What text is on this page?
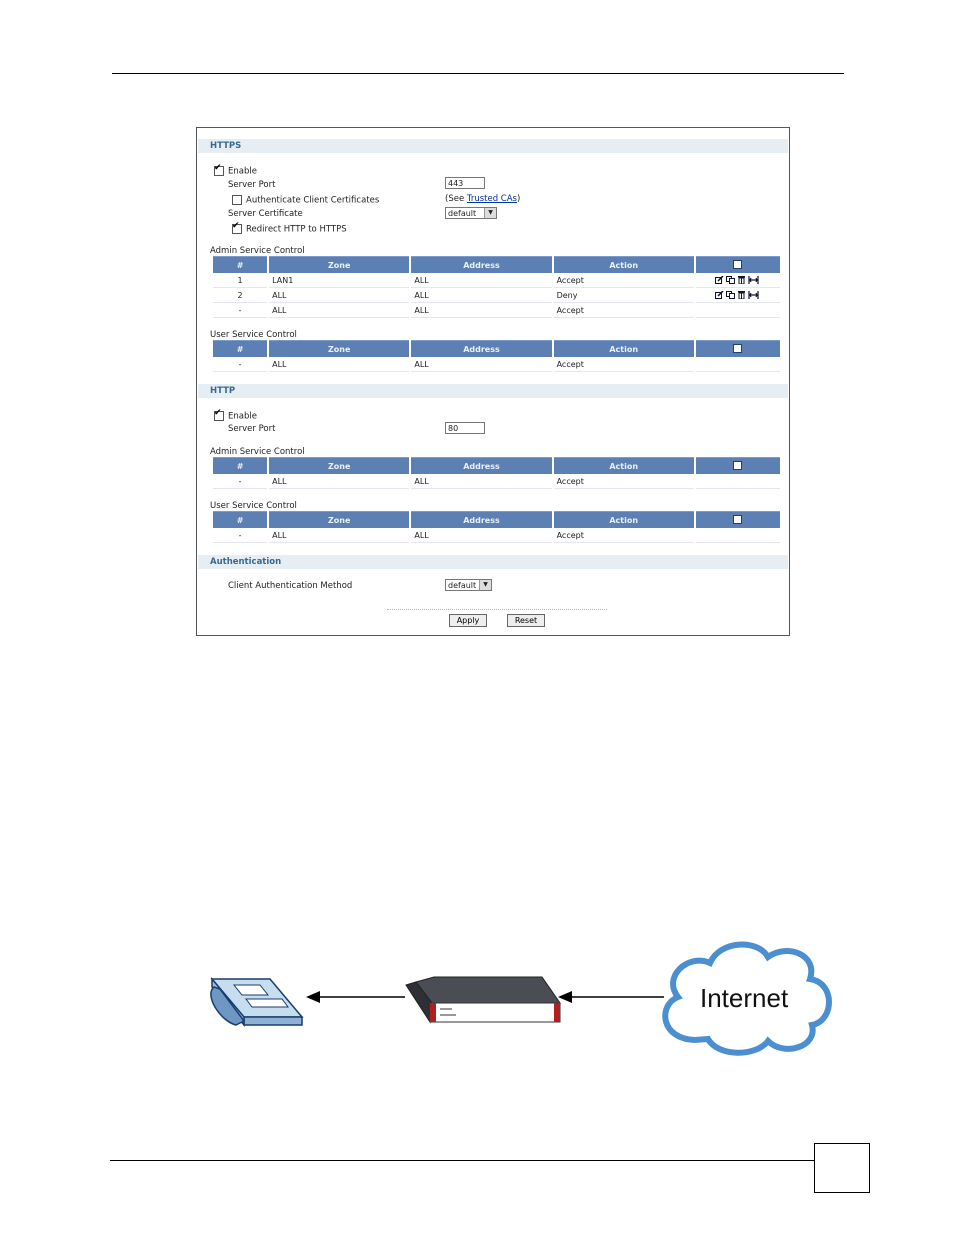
HTTPS
✔Enable
Server Port	443
Authenticate Client Certificates	(See Trusted CAs)
Server Certificate	default	▼
✔Redirect HTTP to HTTPS
Admin Service Control
#	Zone	Address	Action	
1	LAN1	ALL	Accept	
2	ALL	ALL	Deny	
-	ALL	ALL	Accept	
User Service Control
#	Zone	Address	Action	
-	ALL	ALL	Accept	
HTTP
✔Enable
Server Port	80
Admin Service Control
#	Zone	Address	Action	
-	ALL	ALL	Accept	
User Service Control
#	Zone	Address	Action	
-	ALL	ALL	Accept	
Authentication
Client Authentication Method	default	▼
Apply	Reset
Internet
